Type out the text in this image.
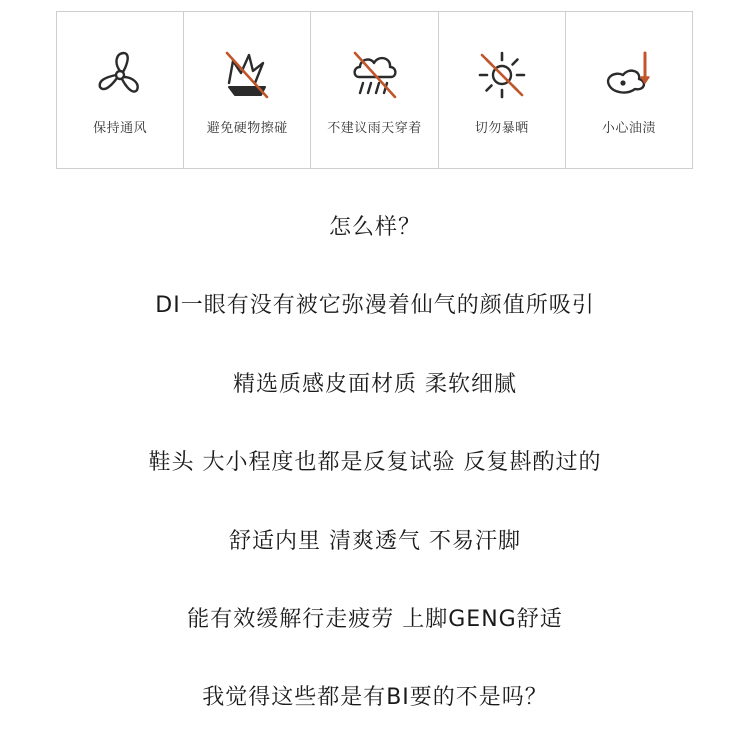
保持通风	避免硬物擦碰	不建议雨天穿着	切勿暴晒	小心油渍
怎么样？
DI一眼有没有被它弥漫着仙气的颜值所吸引
精选质感皮面材质 柔软细腻
鞋头 大小程度也都是反复试验 反复斟酌过的
舒适内里 清爽透气 不易汗脚
能有效缓解行走疲劳 上脚GENG舒适
我觉得这些都是有BI要的不是吗？
